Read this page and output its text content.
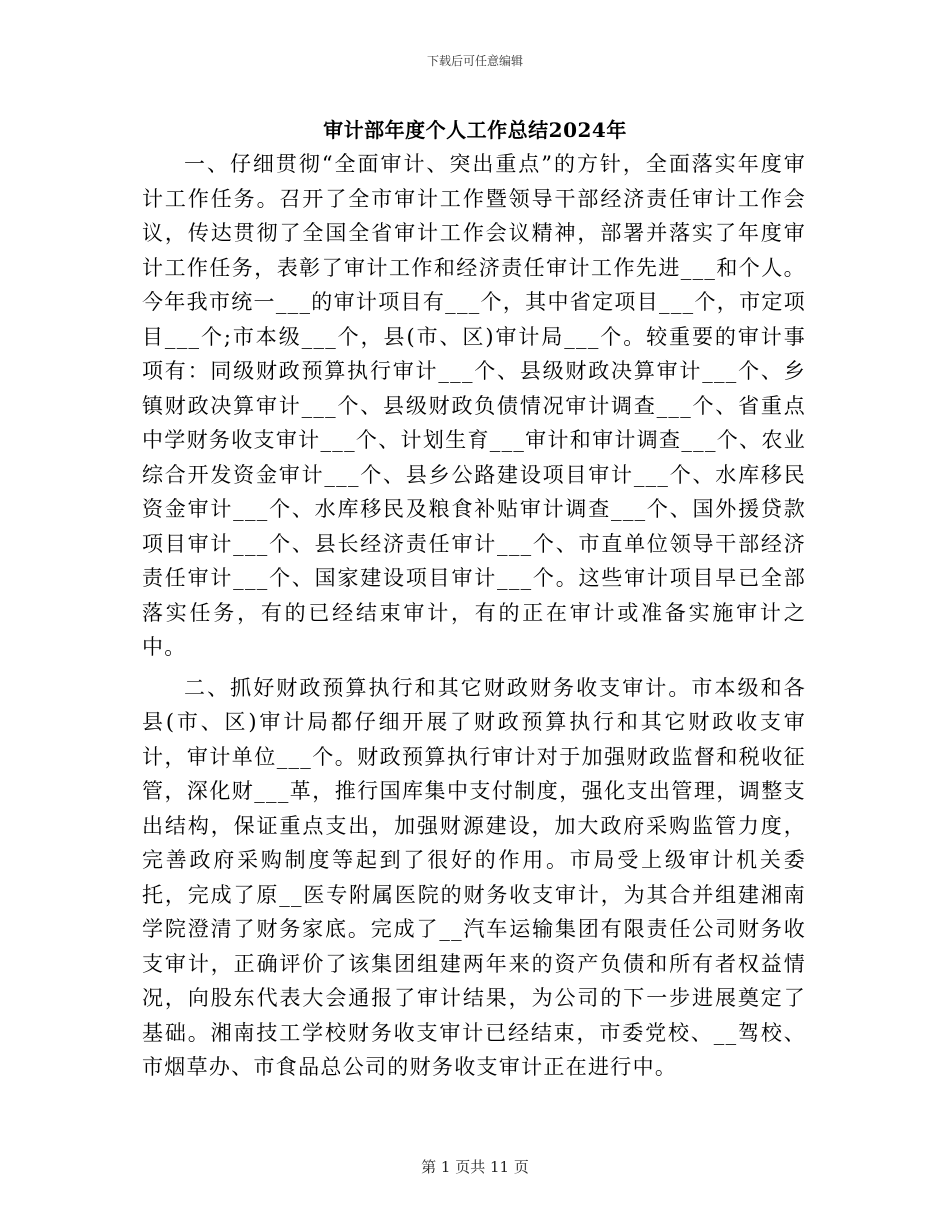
下载后可任意编辑
审计部年度个人工作总结2024年

一、仔细贯彻“全面审计、突出重点”的方针，全面落实年度审计工作任务。召开了全市审计工作暨领导干部经济责任审计工作会议，传达贯彻了全国全省审计工作会议精神，部署并落实了年度审计工作任务，表彰了审计工作和经济责任审计工作先进___和个人。今年我市统一___的审计项目有___个，其中省定项目___个，市定项目___个;市本级___个，县(市、区)审计局___个。较重要的审计事项有：同级财政预算执行审计___个、县级财政决算审计___个、乡镇财政决算审计___个、县级财政负债情况审计调查___个、省重点中学财务收支审计___个、计划生育___审计和审计调查___个、农业综合开发资金审计___个、县乡公路建设项目审计___个、水库移民资金审计___个、水库移民及粮食补贴审计调查___个、国外援贷款项目审计___个、县长经济责任审计___个、市直单位领导干部经济责任审计___个、国家建设项目审计___个。这些审计项目早已全部落实任务，有的已经结束审计，有的正在审计或准备实施审计之中。

二、抓好财政预算执行和其它财政财务收支审计。市本级和各县(市、区)审计局都仔细开展了财政预算执行和其它财政收支审计，审计单位___个。财政预算执行审计对于加强财政监督和税收征管，深化财___革，推行国库集中支付制度，强化支出管理，调整支出结构，保证重点支出，加强财源建设，加大政府采购监管力度，完善政府采购制度等起到了很好的作用。市局受上级审计机关委托，完成了原__医专附属医院的财务收支审计，为其合并组建湘南学院澄清了财务家底。完成了__汽车运输集团有限责任公司财务收支审计，正确评价了该集团组建两年来的资产负债和所有者权益情况，向股东代表大会通报了审计结果，为公司的下一步进展奠定了基础。湘南技工学校财务收支审计已经结束，市委党校、__驾校、市烟草办、市食品总公司的财务收支审计正在进行中。

第 1 页共 11 页
